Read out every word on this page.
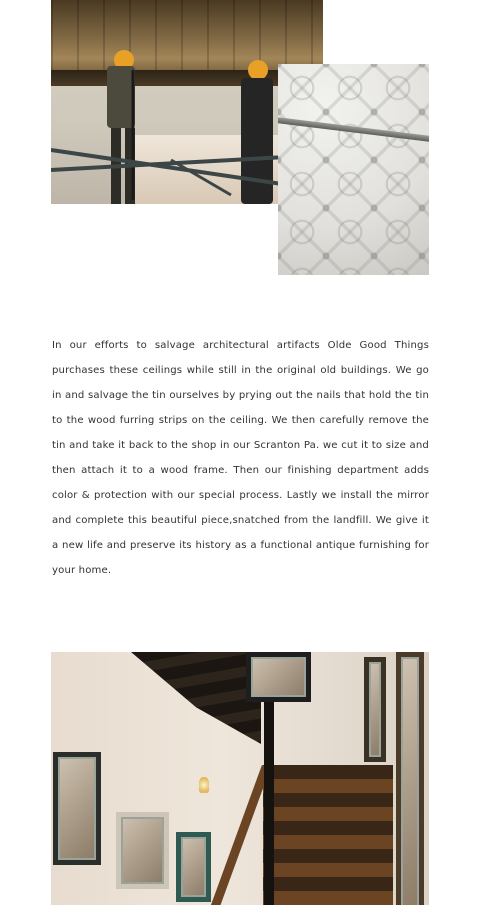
In our efforts to salvage architectural artifacts Olde Good Things purchases these ceilings while still in the original old buildings. We go in and salvage the tin ourselves by prying out the nails that hold the tin to the wood furring strips on the ceiling. We then carefully remove the tin and take it back to the shop in our Scranton Pa. we cut it to size and then attach it to a wood frame. Then our finishing department adds color & protection with our special process. Lastly we install the mirror and complete this beautiful piece,snatched from the landfill. We give it a new life and preserve its history as a functional antique furnishing for your home.
